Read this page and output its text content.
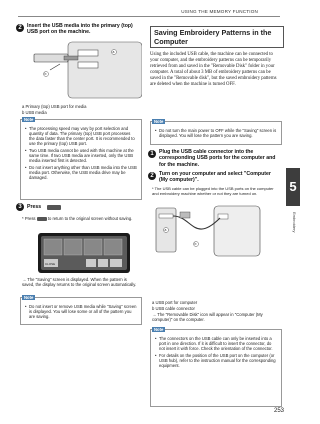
USING THE MEMORY FUNCTION
5
Embroidery
2	Insert the USB media into the primary (top) USB port on the machine.
a
b
a Primary (top) USB port for media
b USB media
Note
• The processing speed may vary by port selection and quantity of data. The primary (top) USB port processes the data faster than the center port. It is recommended to use the primary (top) USB port.
• Two USB media cannot be used with this machine at the same time. If two USB media are inserted, only the USB media inserted first is detected.
• Do not insert anything other than USB media into the USB media port. Otherwise, the USB media drive may be damaged.
3	Press
* Press	to return to the original screen without saving.
CLOSE
→ The "Saving" screen is displayed. When the pattern is saved, the display returns to the original screen automatically.
Note
• Do not insert or remove USB media while "Saving" screen is displayed. You will lose some or all of the pattern you are saving.
Saving Embroidery Patterns in the Computer
Using the included USB cable, the machine can be connected to your computer, and the embroidery patterns can be temporarily retrieved from and saved in the "Removable Disk" folder in your computer. A total of about 3 MB of embroidery patterns can be saved in the "Removable disk", but the saved embroidery patterns are deleted when the machine is turned OFF.
Note
• Do not turn the main power to OFF while the "Saving" screen is displayed. You will lose the pattern you are saving.
1	Plug the USB cable connector into the corresponding USB ports for the computer and for the machine.
2	Turn on your computer and select "Computer (My computer)".
* The USB cable can be plugged into the USB ports on the computer and embroidery machine whether or not they are turned on.
a
b
a USB port for computer
b USB cable connector
→ The "Removable Disk" icon will appear in "Computer (My computer)" on the computer.
Note
• The connectors on the USB cable can only be inserted into a port in one direction. If it is difficult to insert the connector, do not insert it with force. Check the orientation of the connector.
• For details on the position of the USB port on the computer (or USB hub), refer to the instruction manual for the corresponding equipment.
253
